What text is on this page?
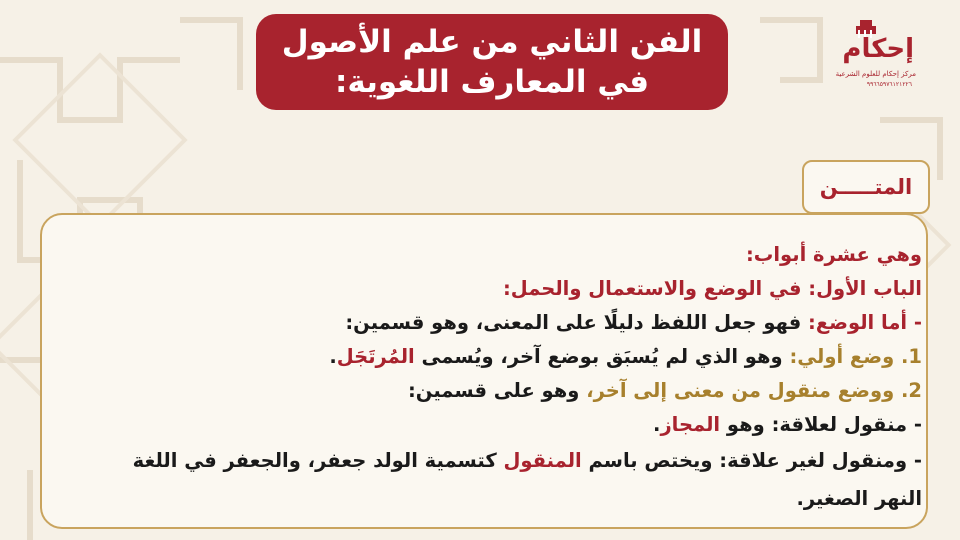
الفن الثاني من علم الأصول
في المعارف اللغوية:
إحكام
مركز إحكام للعلوم الشرعية
٩٩٦٦٥٩٧٦١٢١٢٢٦
المتـــــن

وهي عشرة أبواب:

الباب الأول: في الوضع والاستعمال والحمل:

- أما الوضع: فهو جعل اللفظ دليلًا على المعنى، وهو قسمين:

1. وضع أولي: وهو الذي لم يُسبَق بوضع آخر، ويُسمى المُرتَجَل.

2. ووضع منقول من معنى إلى آخر، وهو على قسمين:

- منقول لعلاقة: وهو المجاز.

- ومنقول لغير علاقة: ويختص باسم المنقول كتسمية الولد جعفر، والجعفر في اللغة النهر الصغير.
